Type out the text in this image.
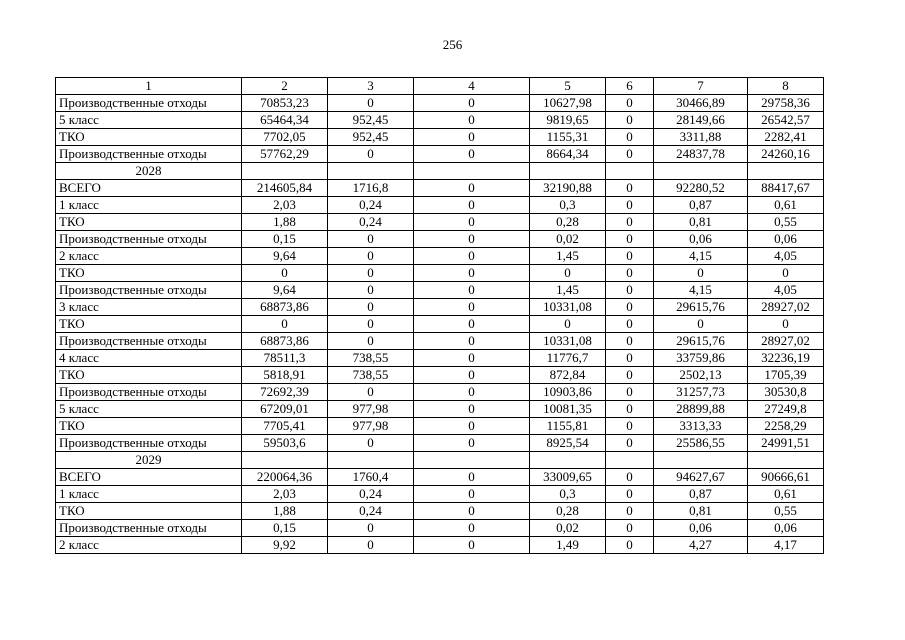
256
1	2	3	4	5	6	7	8
Производственные отходы	70853,23	0	0	10627,98	0	30466,89	29758,36
5 класс	65464,34	952,45	0	9819,65	0	28149,66	26542,57
ТКО	7702,05	952,45	0	1155,31	0	3311,88	2282,41
Производственные отходы	57762,29	0	0	8664,34	0	24837,78	24260,16
2028							
ВСЕГО	214605,84	1716,8	0	32190,88	0	92280,52	88417,67
1 класс	2,03	0,24	0	0,3	0	0,87	0,61
ТКО	1,88	0,24	0	0,28	0	0,81	0,55
Производственные отходы	0,15	0	0	0,02	0	0,06	0,06
2 класс	9,64	0	0	1,45	0	4,15	4,05
ТКО	0	0	0	0	0	0	0
Производственные отходы	9,64	0	0	1,45	0	4,15	4,05
3 класс	68873,86	0	0	10331,08	0	29615,76	28927,02
ТКО	0	0	0	0	0	0	0
Производственные отходы	68873,86	0	0	10331,08	0	29615,76	28927,02
4 класс	78511,3	738,55	0	11776,7	0	33759,86	32236,19
ТКО	5818,91	738,55	0	872,84	0	2502,13	1705,39
Производственные отходы	72692,39	0	0	10903,86	0	31257,73	30530,8
5 класс	67209,01	977,98	0	10081,35	0	28899,88	27249,8
ТКО	7705,41	977,98	0	1155,81	0	3313,33	2258,29
Производственные отходы	59503,6	0	0	8925,54	0	25586,55	24991,51
2029							
ВСЕГО	220064,36	1760,4	0	33009,65	0	94627,67	90666,61
1 класс	2,03	0,24	0	0,3	0	0,87	0,61
ТКО	1,88	0,24	0	0,28	0	0,81	0,55
Производственные отходы	0,15	0	0	0,02	0	0,06	0,06
2 класс	9,92	0	0	1,49	0	4,27	4,17
